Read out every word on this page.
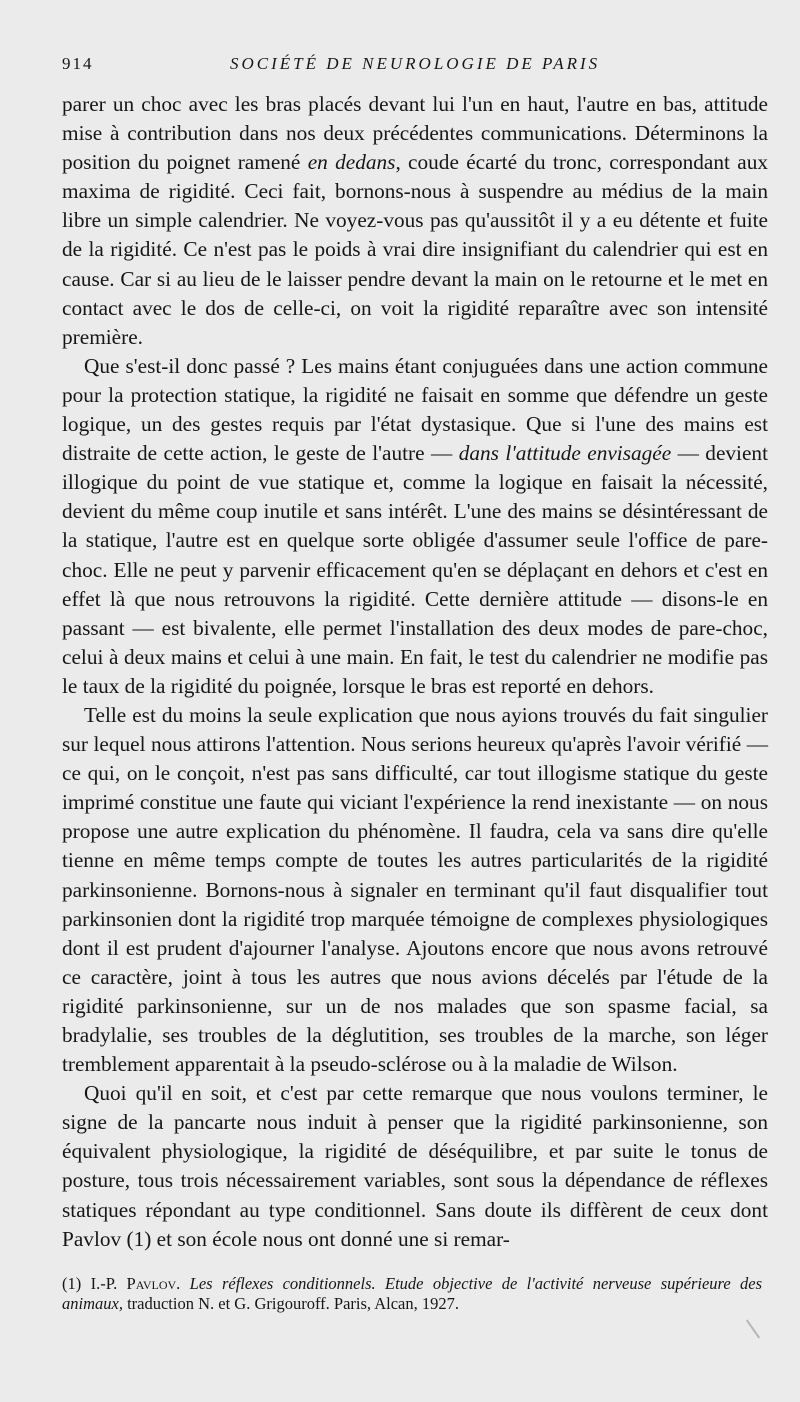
914	SOCIÉTÉ DE NEUROLOGIE DE PARIS

parer un choc avec les bras placés devant lui l'un en haut, l'autre en bas, attitude mise à contribution dans nos deux précédentes communications. Déterminons la position du poignet ramené en dedans, coude écarté du tronc, correspondant aux maxima de rigidité. Ceci fait, bornons-nous à suspendre au médius de la main libre un simple calendrier. Ne voyez-vous pas qu'aussitôt il y a eu détente et fuite de la rigidité. Ce n'est pas le poids à vrai dire insignifiant du calendrier qui est en cause. Car si au lieu de le laisser pendre devant la main on le retourne et le met en contact avec le dos de celle-ci, on voit la rigidité reparaître avec son intensité première.

Que s'est-il donc passé ? Les mains étant conjuguées dans une action commune pour la protection statique, la rigidité ne faisait en somme que défendre un geste logique, un des gestes requis par l'état dystasique. Que si l'une des mains est distraite de cette action, le geste de l'autre — dans l'attitude envisagée — devient illogique du point de vue statique et, comme la logique en faisait la nécessité, devient du même coup inutile et sans intérêt. L'une des mains se désintéressant de la statique, l'autre est en quelque sorte obligée d'assumer seule l'office de pare-choc. Elle ne peut y parvenir efficacement qu'en se déplaçant en dehors et c'est en effet là que nous retrouvons la rigidité. Cette dernière attitude — disons-le en passant — est bivalente, elle permet l'installation des deux modes de pare-choc, celui à deux mains et celui à une main. En fait, le test du calendrier ne modifie pas le taux de la rigidité du poignée, lorsque le bras est reporté en dehors.

Telle est du moins la seule explication que nous ayions trouvés du fait singulier sur lequel nous attirons l'attention. Nous serions heureux qu'après l'avoir vérifié — ce qui, on le conçoit, n'est pas sans difficulté, car tout illogisme statique du geste imprimé constitue une faute qui viciant l'expérience la rend inexistante — on nous propose une autre explication du phénomène. Il faudra, cela va sans dire qu'elle tienne en même temps compte de toutes les autres particularités de la rigidité parkinsonienne. Bornons-nous à signaler en terminant qu'il faut disqualifier tout parkinsonien dont la rigidité trop marquée témoigne de complexes physiologiques dont il est prudent d'ajourner l'analyse. Ajoutons encore que nous avons retrouvé ce caractère, joint à tous les autres que nous avions décelés par l'étude de la rigidité parkinsonienne, sur un de nos malades que son spasme facial, sa bradylalie, ses troubles de la déglutition, ses troubles de la marche, son léger tremblement apparentait à la pseudo-sclérose ou à la maladie de Wilson.

Quoi qu'il en soit, et c'est par cette remarque que nous voulons terminer, le signe de la pancarte nous induit à penser que la rigidité parkinsonienne, son équivalent physiologique, la rigidité de déséquilibre, et par suite le tonus de posture, tous trois nécessairement variables, sont sous la dépendance de réflexes statiques répondant au type conditionnel. Sans doute ils diffèrent de ceux dont Pavlov (1) et son école nous ont donné une si remar-

(1) I.-P. Pavlov. Les réflexes conditionnels. Etude objective de l'activité nerveuse supérieure des animaux, traduction N. et G. Grigouroff. Paris, Alcan, 1927.
